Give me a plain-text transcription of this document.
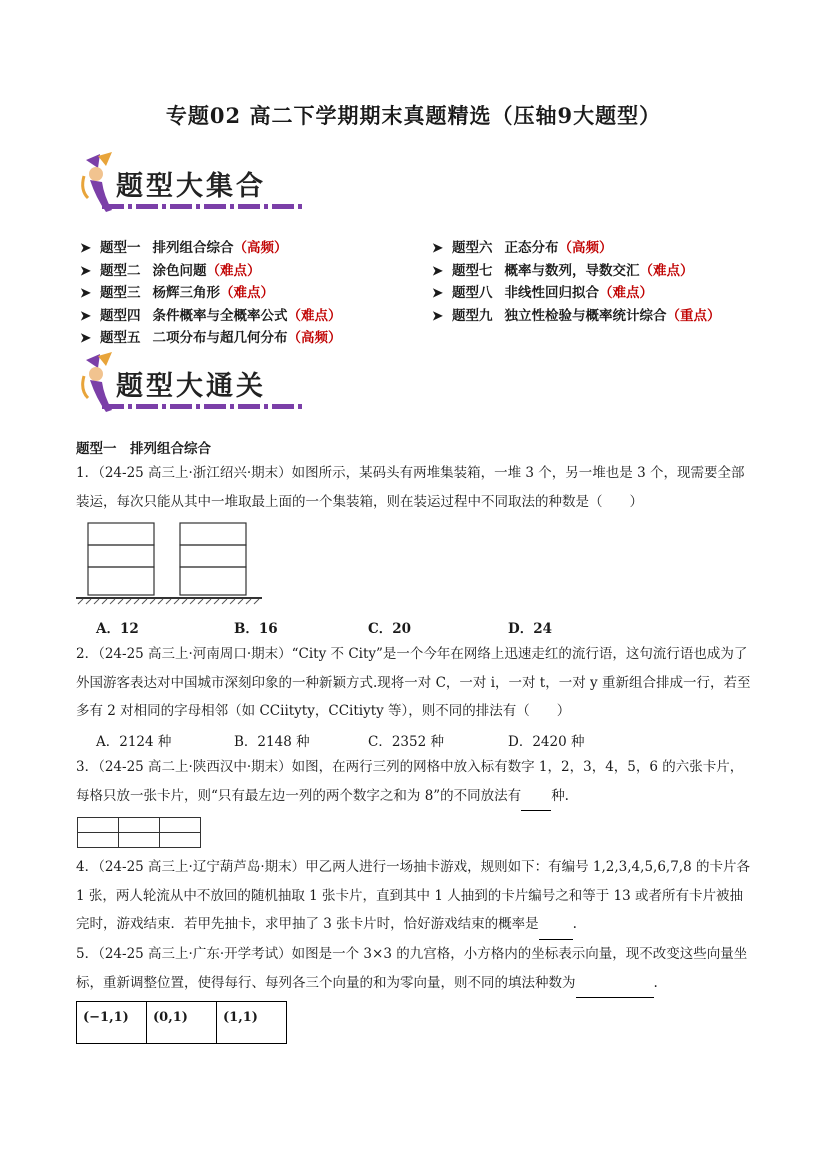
专题02 高二下学期期末真题精选（压轴9大题型）
题型大集合
➤ 题型一 排列组合综合（高频）
➤ 题型二 涂色问题（难点）
➤ 题型三 杨辉三角形（难点）
➤ 题型四 条件概率与全概率公式（难点）
➤ 题型五 二项分布与超几何分布（高频）
➤ 题型六 正态分布（高频）
➤ 题型七 概率与数列，导数交汇（难点）
➤ 题型八 非线性回归拟合（难点）
➤ 题型九 独立性检验与概率统计综合（重点）
题型大通关
题型一　排列组合综合
1．（24-25 高三上·浙江绍兴·期末）如图所示，某码头有两堆集装箱，一堆 3 个，另一堆也是 3 个，现需要全部装运，每次只能从其中一堆取最上面的一个集装箱，则在装运过程中不同取法的种数是（　　）
A．12	B．16	C．20	D．24
2．（24-25 高三上·河南周口·期末）“City 不 City”是一个今年在网络上迅速走红的流行语，这句流行语也成为了外国游客表达对中国城市深刻印象的一种新颖方式.现将一对 C，一对 i，一对 t，一对 y 重新组合排成一行，若至多有 2 对相同的字母相邻（如 CCiityty，CCitiyty 等），则不同的排法有（　　）
A．2124 种	B．2148 种	C．2352 种	D．2420 种
3．（24-25 高二上·陕西汉中·期末）如图，在两行三列的网格中放入标有数字 1，2，3，4，5，6 的六张卡片，每格只放一张卡片，则“只有最左边一列的两个数字之和为 8”的不同放法有 种.

4．（24-25 高三上·辽宁葫芦岛·期末）甲乙两人进行一场抽卡游戏，规则如下：有编号 1,2,3,4,5,6,7,8 的卡片各 1 张，两人轮流从中不放回的随机抽取 1 张卡片，直到其中 1 人抽到的卡片编号之和等于 13 或者所有卡片被抽完时，游戏结束．若甲先抽卡，求甲抽了 3 张卡片时，恰好游戏结束的概率是	.
5．（24-25 高三上·广东·开学考试）如图是一个 3×3 的九宫格，小方格内的坐标表示向量，现不改变这些向量坐标，重新调整位置，使得每行、每列各三个向量的和为零向量，则不同的填法种数为	.
(−1,1)	(0,1)	(1,1)
